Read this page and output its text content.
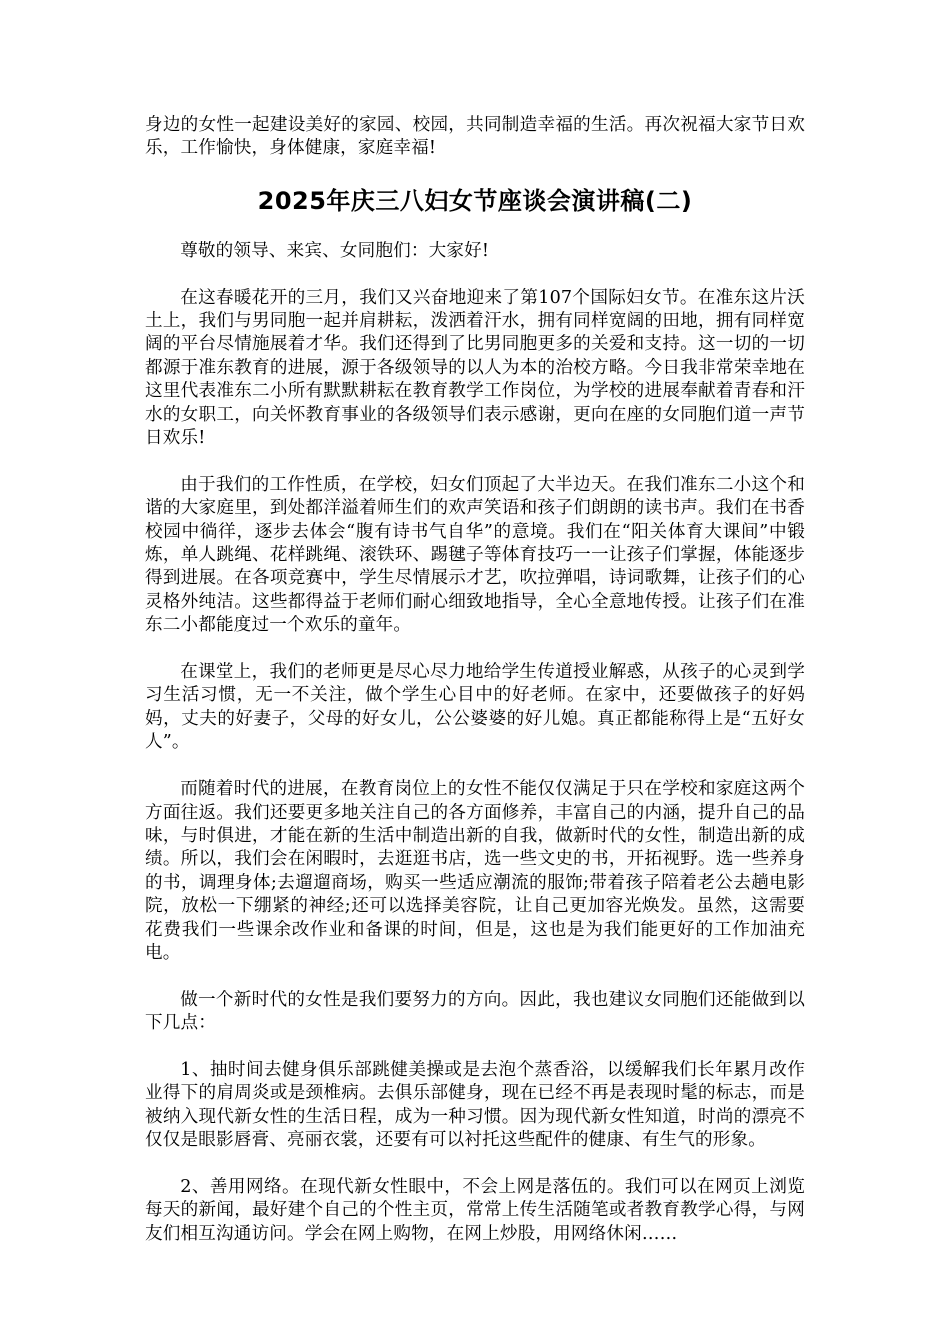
身边的女性一起建设美好的家园、校园，共同制造幸福的生活。再次祝福大家节日欢乐，工作愉快，身体健康，家庭幸福!

2025年庆三八妇女节座谈会演讲稿(二)

尊敬的领导、来宾、女同胞们：大家好!

在这春暖花开的三月，我们又兴奋地迎来了第107个国际妇女节。在准东这片沃土上，我们与男同胞一起并肩耕耘，泼洒着汗水，拥有同样宽阔的田地，拥有同样宽阔的平台尽情施展着才华。我们还得到了比男同胞更多的关爱和支持。这一切的一切都源于准东教育的进展，源于各级领导的以人为本的治校方略。今日我非常荣幸地在这里代表准东二小所有默默耕耘在教育教学工作岗位，为学校的进展奉献着青春和汗水的女职工，向关怀教育事业的各级领导们表示感谢，更向在座的女同胞们道一声节日欢乐!

由于我们的工作性质，在学校，妇女们顶起了大半边天。在我们准东二小这个和谐的大家庭里，到处都洋溢着师生们的欢声笑语和孩子们朗朗的读书声。我们在书香校园中徜徉，逐步去体会“腹有诗书气自华”的意境。我们在“阳关体育大课间”中锻炼，单人跳绳、花样跳绳、滚铁环、踢毽子等体育技巧一一让孩子们掌握，体能逐步得到进展。在各项竞赛中，学生尽情展示才艺，吹拉弹唱，诗词歌舞，让孩子们的心灵格外纯洁。这些都得益于老师们耐心细致地指导，全心全意地传授。让孩子们在准东二小都能度过一个欢乐的童年。

在课堂上，我们的老师更是尽心尽力地给学生传道授业解惑，从孩子的心灵到学习生活习惯，无一不关注，做个学生心目中的好老师。在家中，还要做孩子的好妈妈，丈夫的好妻子，父母的好女儿，公公婆婆的好儿媳。真正都能称得上是“五好女人”。

而随着时代的进展，在教育岗位上的女性不能仅仅满足于只在学校和家庭这两个方面往返。我们还要更多地关注自己的各方面修养，丰富自己的内涵，提升自己的品味，与时俱进，才能在新的生活中制造出新的自我，做新时代的女性，制造出新的成绩。所以，我们会在闲暇时，去逛逛书店，选一些文史的书，开拓视野。选一些养身的书，调理身体;去遛遛商场，购买一些适应潮流的服饰;带着孩子陪着老公去趟电影院，放松一下绷紧的神经;还可以选择美容院，让自己更加容光焕发。虽然，这需要花费我们一些课余改作业和备课的时间，但是，这也是为我们能更好的工作加油充电。

做一个新时代的女性是我们要努力的方向。因此，我也建议女同胞们还能做到以下几点：

1、抽时间去健身俱乐部跳健美操或是去泡个蒸香浴，以缓解我们长年累月改作业得下的肩周炎或是颈椎病。去俱乐部健身，现在已经不再是表现时髦的标志，而是被纳入现代新女性的生活日程，成为一种习惯。因为现代新女性知道，时尚的漂亮不仅仅是眼影唇膏、亮丽衣裳，还要有可以衬托这些配件的健康、有生气的形象。

2、善用网络。在现代新女性眼中，不会上网是落伍的。我们可以在网页上浏览每天的新闻，最好建个自己的个性主页，常常上传生活随笔或者教育教学心得，与网友们相互沟通访问。学会在网上购物，在网上炒股，用网络休闲……
